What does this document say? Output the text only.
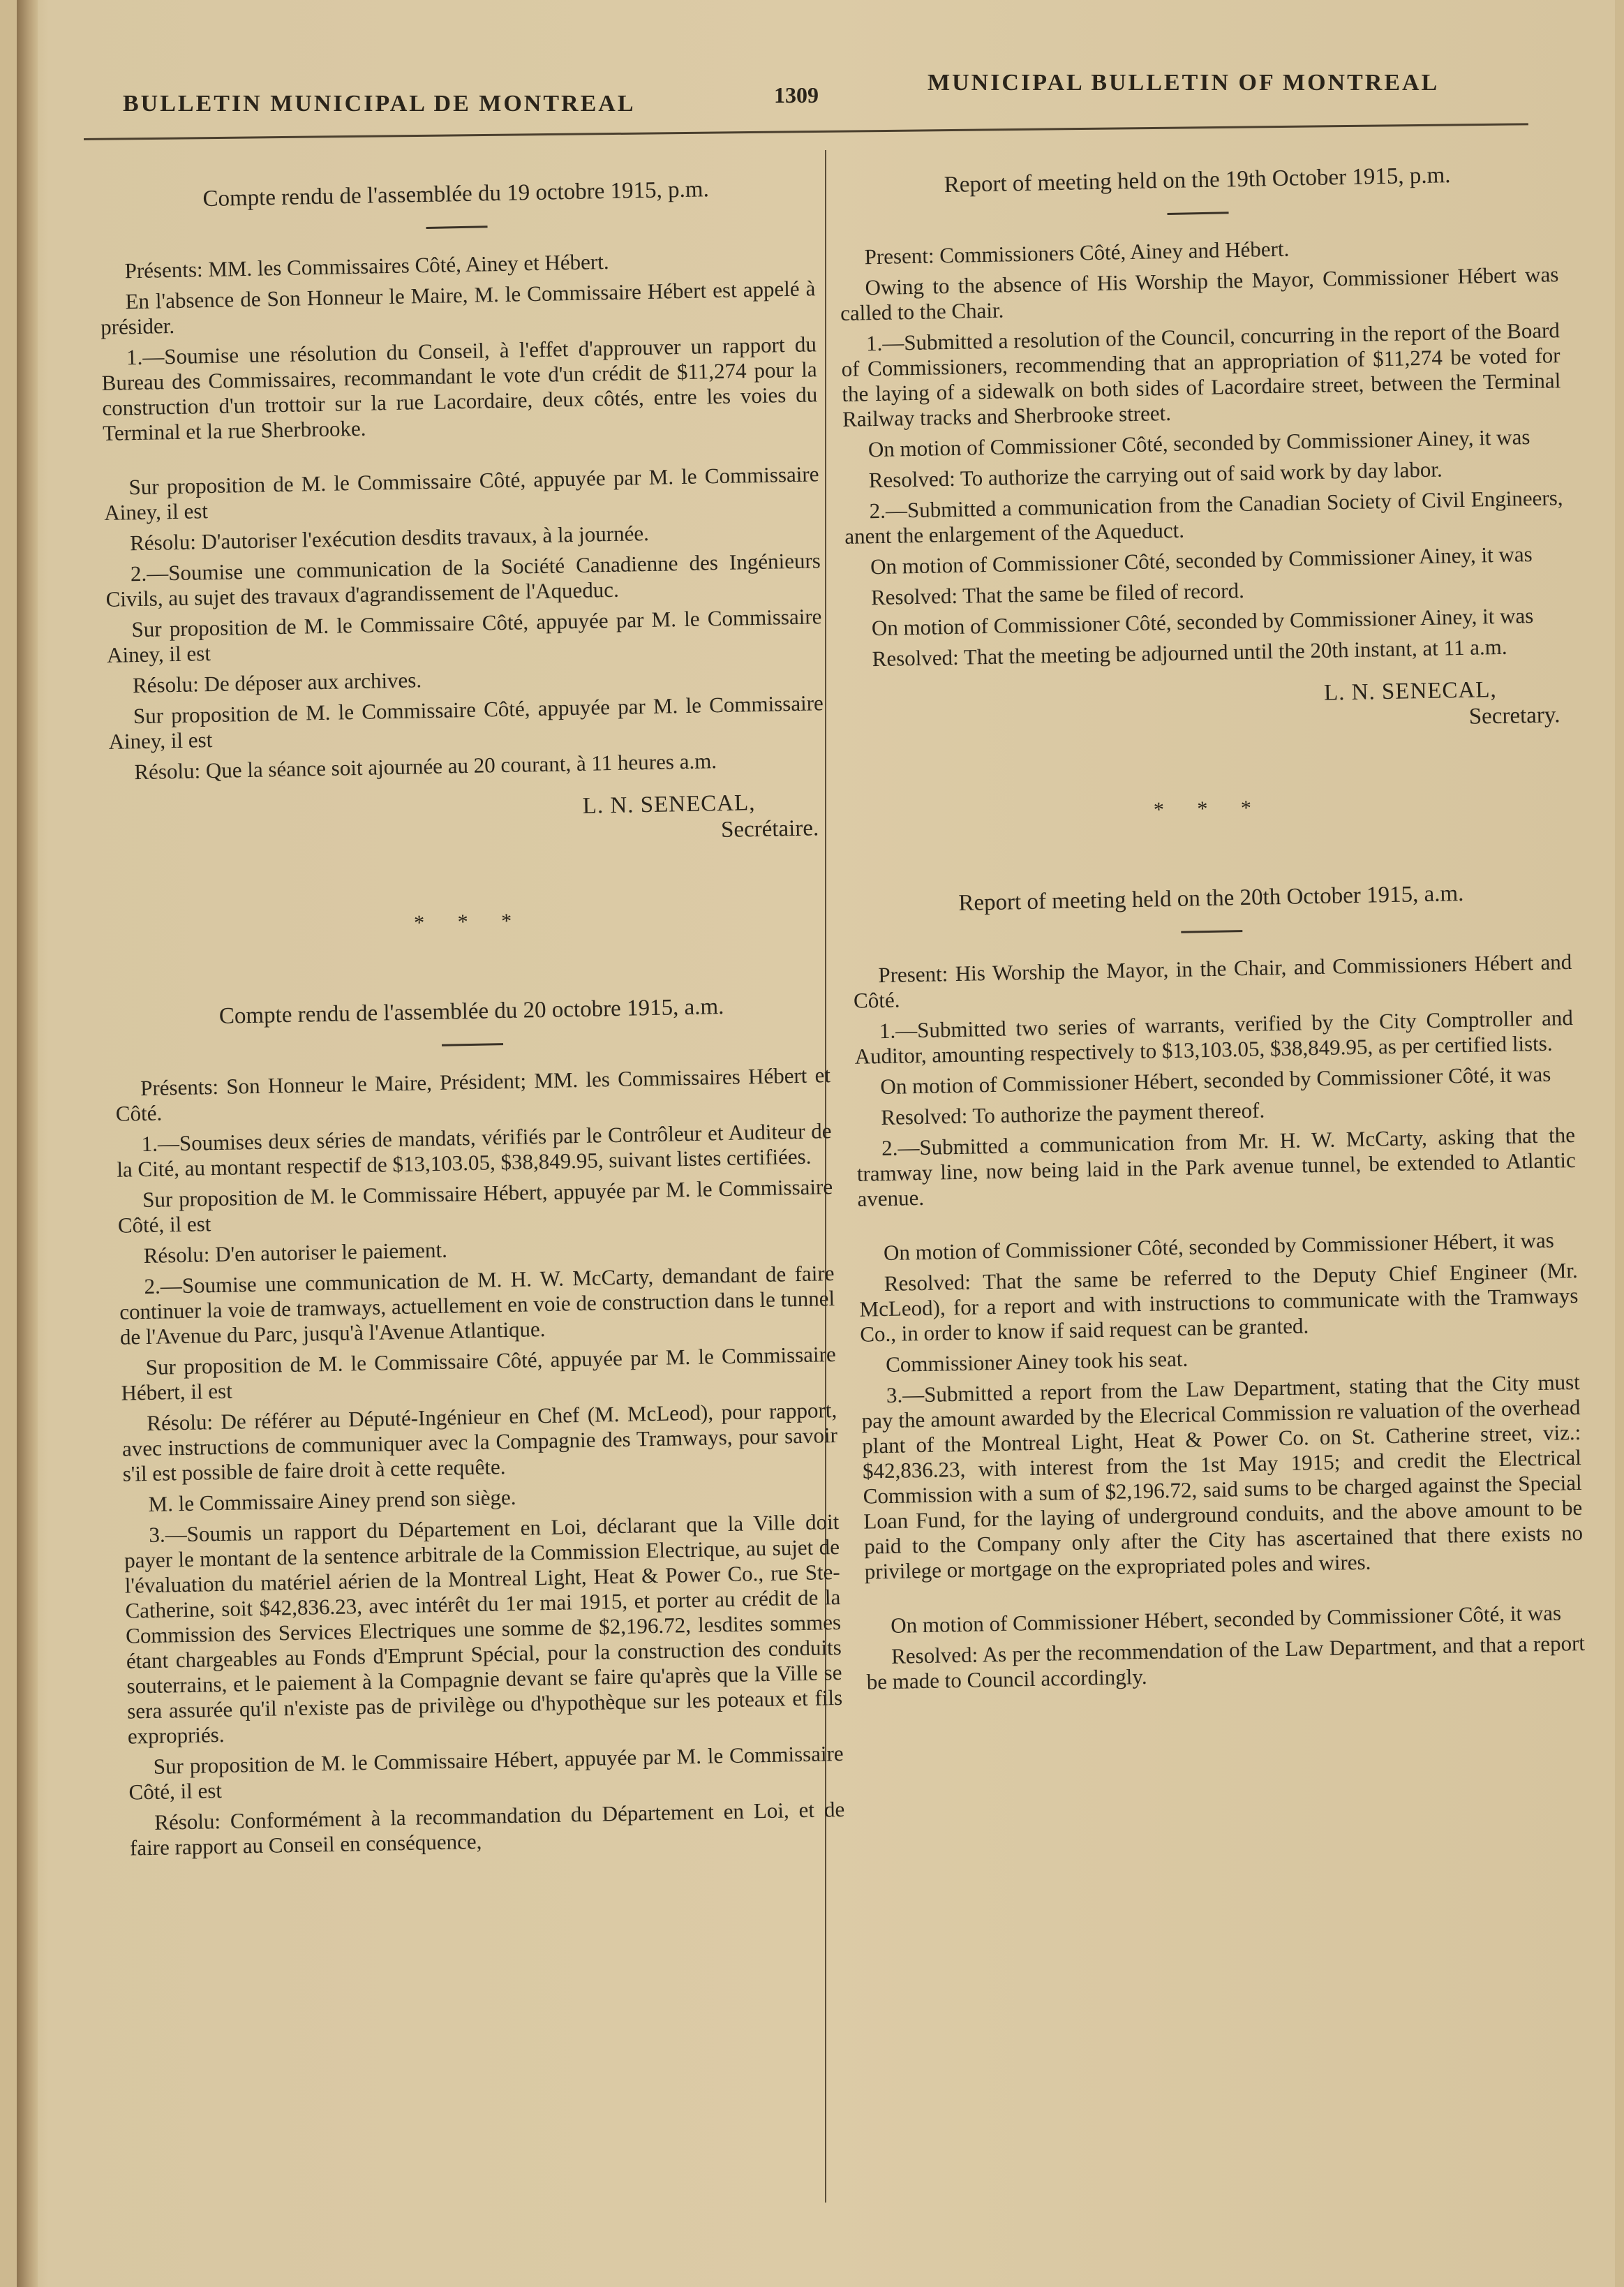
BULLETIN MUNICIPAL DE MONTREAL	1309	MUNICIPAL BULLETIN OF MONTREAL
Compte rendu de l'assemblée du 19 octobre 1915, p.m.

Présents: MM. les Commissaires Côté, Ainey et Hébert.

En l'absence de Son Honneur le Maire, M. le Commissaire Hébert est appelé à présider.

1.—Soumise une résolution du Conseil, à l'effet d'approuver un rapport du Bureau des Commissaires, recommandant le vote d'un crédit de $11,274 pour la construction d'un trottoir sur la rue Lacordaire, deux côtés, entre les voies du Terminal et la rue Sherbrooke.

Sur proposition de M. le Commissaire Côté, appuyée par M. le Commissaire Ainey, il est

Résolu: D'autoriser l'exécution desdits travaux, à la journée.

2.—Soumise une communication de la Société Canadienne des Ingénieurs Civils, au sujet des travaux d'agrandissement de l'Aqueduc.

Sur proposition de M. le Commissaire Côté, appuyée par M. le Commissaire Ainey, il est

Résolu: De déposer aux archives.

Sur proposition de M. le Commissaire Côté, appuyée par M. le Commissaire Ainey, il est

Résolu: Que la séance soit ajournée au 20 courant, à 11 heures a.m.

L. N. SENECAL,
Secrétaire.
* * *
Compte rendu de l'assemblée du 20 octobre 1915, a.m.

Présents: Son Honneur le Maire, Président; MM. les Commissaires Hébert et Côté.

1.—Soumises deux séries de mandats, vérifiés par le Contrôleur et Auditeur de la Cité, au montant respectif de $13,103.05, $38,849.95, suivant listes certifiées.

Sur proposition de M. le Commissaire Hébert, appuyée par M. le Commissaire Côté, il est

Résolu: D'en autoriser le paiement.

2.—Soumise une communication de M. H. W. McCarty, demandant de faire continuer la voie de tramways, actuellement en voie de construction dans le tunnel de l'Avenue du Parc, jusqu'à l'Avenue Atlantique.

Sur proposition de M. le Commissaire Côté, appuyée par M. le Commissaire Hébert, il est

Résolu: De référer au Député-Ingénieur en Chef (M. McLeod), pour rapport, avec instructions de communiquer avec la Compagnie des Tramways, pour savoir s'il est possible de faire droit à cette requête.

M. le Commissaire Ainey prend son siège.

3.—Soumis un rapport du Département en Loi, déclarant que la Ville doit payer le montant de la sentence arbitrale de la Commission Electrique, au sujet de l'évaluation du matériel aérien de la Montreal Light, Heat & Power Co., rue Ste-Catherine, soit $42,836.23, avec intérêt du 1er mai 1915, et porter au crédit de la Commission des Services Electriques une somme de $2,196.72, lesdites sommes étant chargeables au Fonds d'Emprunt Spécial, pour la construction des conduits souterrains, et le paiement à la Compagnie devant se faire qu'après que la Ville se sera assurée qu'il n'existe pas de privilège ou d'hypothèque sur les poteaux et fils expropriés.

Sur proposition de M. le Commissaire Hébert, appuyée par M. le Commissaire Côté, il est

Résolu: Conformément à la recommandation du Département en Loi, et de faire rapport au Conseil en conséquence,

Report of meeting held on the 19th October 1915, p.m.

Present: Commissioners Côté, Ainey and Hébert.

Owing to the absence of His Worship the Mayor, Commissioner Hébert was called to the Chair.

1.—Submitted a resolution of the Council, concurring in the report of the Board of Commissioners, recommending that an appropriation of $11,274 be voted for the laying of a sidewalk on both sides of Lacordaire street, between the Terminal Railway tracks and Sherbrooke street.

On motion of Commissioner Côté, seconded by Commissioner Ainey, it was

Resolved: To authorize the carrying out of said work by day labor.

2.—Submitted a communication from the Canadian Society of Civil Engineers, anent the enlargement of the Aqueduct.

On motion of Commissioner Côté, seconded by Commissioner Ainey, it was

Resolved: That the same be filed of record.

On motion of Commissioner Côté, seconded by Commissioner Ainey, it was

Resolved: That the meeting be adjourned until the 20th instant, at 11 a.m.

L. N. SENECAL,
Secretary.
* * *
Report of meeting held on the 20th October 1915, a.m.

Present: His Worship the Mayor, in the Chair, and Commissioners Hébert and Côté.

1.—Submitted two series of warrants, verified by the City Comptroller and Auditor, amounting respectively to $13,103.05, $38,849.95, as per certified lists.

On motion of Commissioner Hébert, seconded by Commissioner Côté, it was

Resolved: To authorize the payment thereof.

2.—Submitted a communication from Mr. H. W. McCarty, asking that the tramway line, now being laid in the Park avenue tunnel, be extended to Atlantic avenue.

On motion of Commissioner Côté, seconded by Commissioner Hébert, it was

Resolved: That the same be referred to the Deputy Chief Engineer (Mr. McLeod), for a report and with instructions to communicate with the Tramways Co., in order to know if said request can be granted.

Commissioner Ainey took his seat.

3.—Submitted a report from the Law Department, stating that the City must pay the amount awarded by the Elecrical Commission re valuation of the overhead plant of the Montreal Light, Heat & Power Co. on St. Catherine street, viz.: $42,836.23, with interest from the 1st May 1915; and credit the Electrical Commission with a sum of $2,196.72, said sums to be charged against the Special Loan Fund, for the laying of underground conduits, and the above amount to be paid to the Company only after the City has ascertained that there exists no privilege or mortgage on the expropriated poles and wires.

On motion of Commissioner Hébert, seconded by Commissioner Côté, it was

Resolved: As per the recommendation of the Law Department, and that a report be made to Council accordingly.
